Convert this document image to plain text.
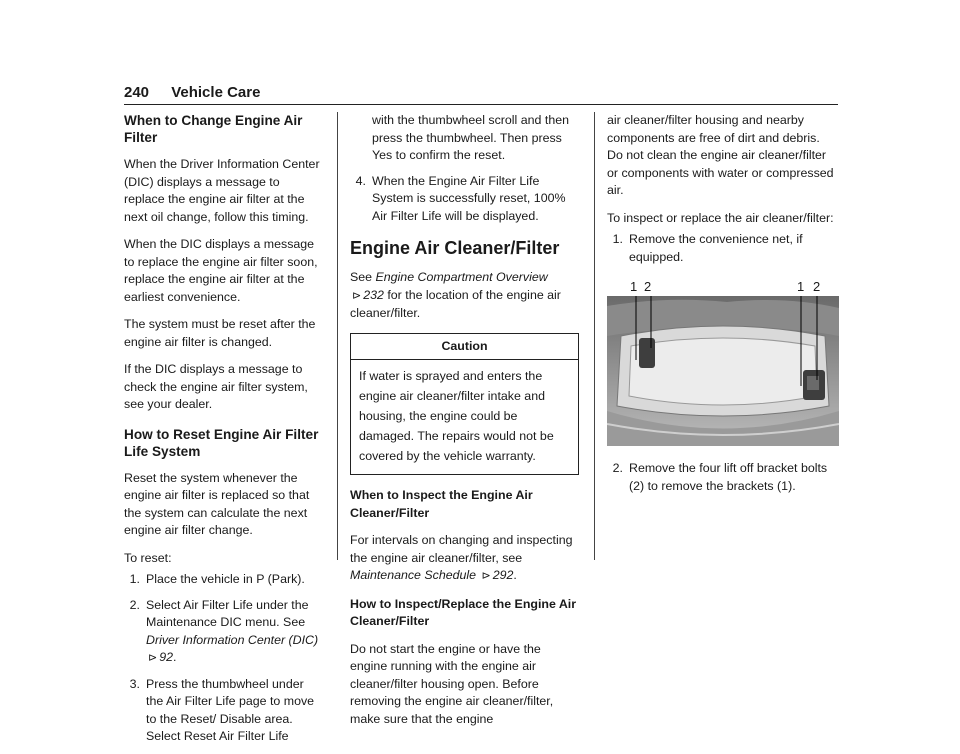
240 Vehicle Care
When to Change Engine Air Filter

When the Driver Information Center (DIC) displays a message to replace the engine air filter at the next oil change, follow this timing.

When the DIC displays a message to replace the engine air filter soon, replace the engine air filter at the earliest convenience.

The system must be reset after the engine air filter is changed.

If the DIC displays a message to check the engine air filter system, see your dealer.

How to Reset Engine Air Filter Life System

Reset the system whenever the engine air filter is replaced so that the system can calculate the next engine air filter change.

To reset:

1. Place the vehicle in P (Park).
2. Select Air Filter Life under the Maintenance DIC menu. See Driver Information Center (DIC) ⊳ 92.
3. Press the thumbwheel under the Air Filter Life page to move to the Reset/ Disable area. Select Reset Air Filter Life
with the thumbwheel scroll and then press the thumbwheel. Then press Yes to confirm the reset.
4. When the Engine Air Filter Life System is successfully reset, 100% Air Filter Life will be displayed.
Engine Air Cleaner/Filter

See Engine Compartment Overview ⊳ 232 for the location of the engine air cleaner/filter.

Caution
If water is sprayed and enters the engine air cleaner/filter intake and housing, the engine could be damaged. The repairs would not be covered by the vehicle warranty.
When to Inspect the Engine Air Cleaner/Filter

For intervals on changing and inspecting the engine air cleaner/filter, see Maintenance Schedule ⊳ 292.

How to Inspect/Replace the Engine Air Cleaner/Filter

Do not start the engine or have the engine running with the engine air cleaner/filter housing open. Before removing the engine air cleaner/filter, make sure that the engine

air cleaner/filter housing and nearby components are free of dirt and debris. Do not clean the engine air cleaner/filter or components with water or compressed air.

To inspect or replace the air cleaner/filter:

1. Remove the convenience net, if equipped.
1 2	1 2
2. Remove the four lift off bracket bolts (2) to remove the brackets (1).
